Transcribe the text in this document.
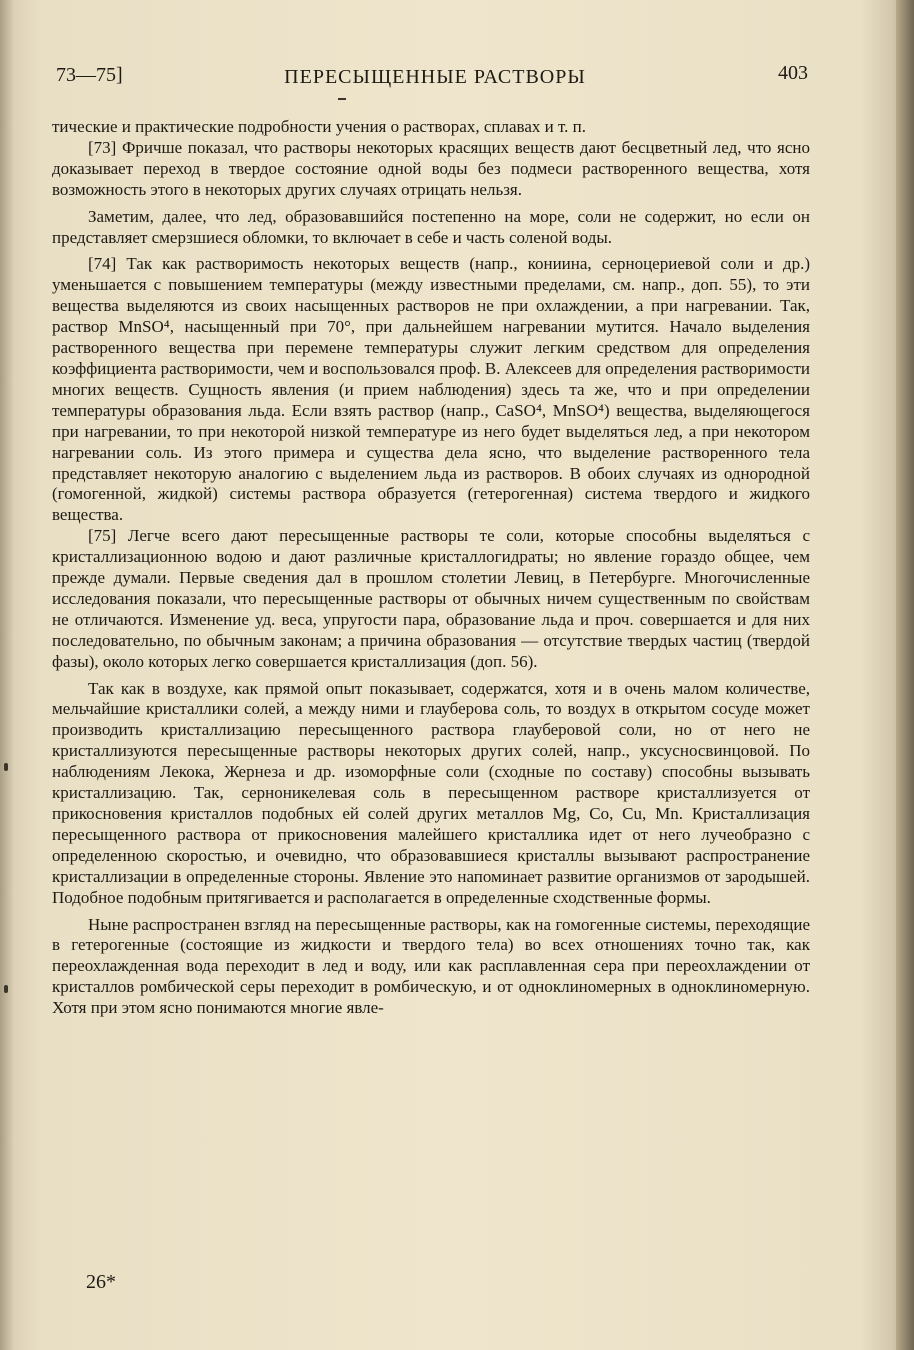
73—75]	ПЕРЕСЫЩЕННЫЕ РАСТВОРЫ	403

тические и практические подробности учения о растворах, сплавах и т. п.

[73] Фричше показал, что растворы некоторых красящих веществ дают бесцветный лед, что ясно доказывает переход в твердое состояние одной воды без подмеси растворенного вещества, хотя возможность этого в некоторых других случаях отрицать нельзя.

Заметим, далее, что лед, образовавшийся постепенно на море, соли не содержит, но если он представляет смерзшиеся обломки, то включает в себе и часть соленой воды.

[74] Так как растворимость некоторых веществ (напр., кониина, серноцериевой соли и др.) уменьшается с повышением температуры (между известными пределами, см. напр., доп. 55), то эти вещества выделяются из своих насыщенных растворов не при охлаждении, а при нагревании. Так, раствор MnSO⁴, насыщенный при 70°, при дальнейшем нагревании мутится. Начало выделения растворенного вещества при перемене температуры служит легким средством для определения коэффициента растворимости, чем и воспользовался проф. В. Алексеев для определения растворимости многих веществ. Сущность явления (и прием наблюдения) здесь та же, что и при определении температуры образования льда. Если взять раствор (напр., CaSO⁴, MnSO⁴) вещества, выделяющегося при нагревании, то при некоторой низкой температуре из него будет выделяться лед, а при некотором нагревании соль. Из этого примера и существа дела ясно, что выделение растворенного тела представляет некоторую аналогию с выделением льда из растворов. В обоих случаях из однородной (гомогенной, жидкой) системы раствора образуется (гетерогенная) система твердого и жидкого вещества.

[75] Легче всего дают пересыщенные растворы те соли, которые способны выделяться с кристаллизационною водою и дают различные кристаллогидраты; но явление гораздо общее, чем прежде думали. Первые сведения дал в прошлом столетии Левиц, в Петербурге. Многочисленные исследования показали, что пересыщенные растворы от обычных ничем существенным по свойствам не отличаются. Изменение уд. веса, упругости пара, образование льда и проч. совершается и для них последовательно, по обычным законам; а причина образования — отсутствие твердых частиц (твердой фазы), около которых легко совершается кристаллизация (доп. 56).

Так как в воздухе, как прямой опыт показывает, содержатся, хотя и в очень малом количестве, мельчайшие кристаллики солей, а между ними и глауберова соль, то воздух в открытом сосуде может производить кристаллизацию пересыщенного раствора глауберовой соли, но от него не кристаллизуются пересыщенные растворы некоторых других солей, напр., уксусносвинцовой. По наблюдениям Лекока, Жернеза и др. изоморфные соли (сходные по составу) способны вызывать кристаллизацию. Так, серноникелевая соль в пересыщенном растворе кристаллизуется от прикосновения кристаллов подобных ей солей других металлов Mg, Co, Cu, Mn. Кристаллизация пересыщенного раствора от прикосновения малейшего кристаллика идет от него лучеобразно с определенною скоростью, и очевидно, что образовавшиеся кристаллы вызывают распространение кристаллизации в определенные стороны. Явление это напоминает развитие организмов от зародышей. Подобное подобным притягивается и располагается в определенные сходственные формы.

Ныне распространен взгляд на пересыщенные растворы, как на гомогенные системы, переходящие в гетерогенные (состоящие из жидкости и твердого тела) во всех отношениях точно так, как переохлажденная вода переходит в лед и воду, или как расплавленная сера при переохлаждении от кристаллов ромбической серы переходит в ромбическую, и от одноклиномерных в одноклиномерную. Хотя при этом ясно понимаются многие явле-

26*
